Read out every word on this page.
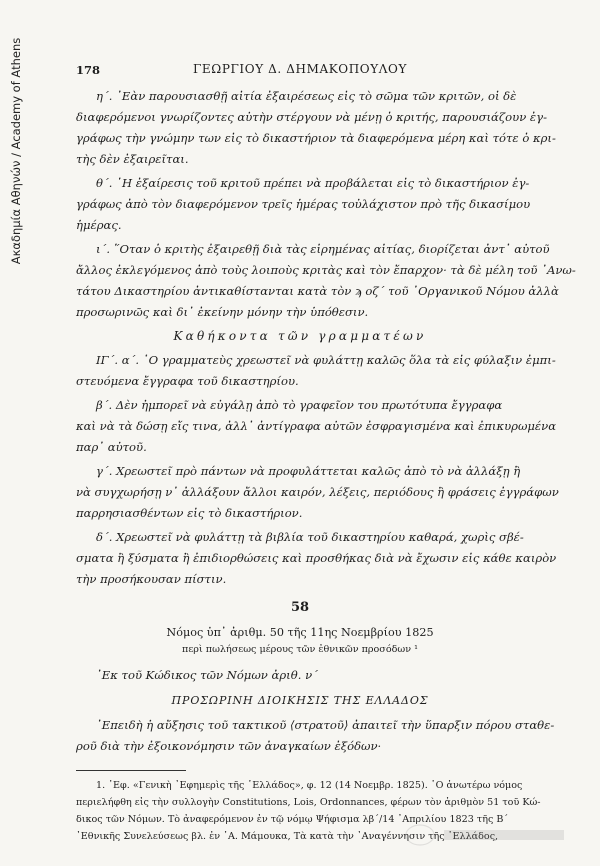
Ακαδημία Αθηνών / Academy of Athens	178	ΓΕΩΡΓΙΟΥ Δ. ΔΗΜΑΚΟΠΟΥΛΟΥ
η΄. ᾿Εὰν παρουσιασθῇ αἰτία ἐξαιρέσεως εἰς τὸ σῶμα τῶν κριτῶν, οἱ δὲ
διαφερόμενοι γνωρίζοντες αὐτὴν στέργουν νὰ μένῃ ὁ κριτής, παρουσιάζουν ἐγ-
γράφως τὴν γνώμην των εἰς τὸ δικαστήριον τὰ διαφερόμενα μέρη καὶ τότε ὁ κρι-
τὴς δὲν ἐξαιρεῖται.
θ΄. ῾Η ἐξαίρεσις τοῦ κριτοῦ πρέπει νὰ προβάλεται εἰς τὸ δικαστήριον ἐγ-
γράφως ἀπὸ τὸν διαφερόμενον τρεῖς ἡμέρας τοὐλάχιστον πρὸ τῆς δικασίμου
ἡμέρας.
ι΄. ῞Οταν ὁ κριτὴς ἐξαιρεθῇ διὰ τὰς εἰρημένας αἰτίας, διορίζεται ἀντ᾿ αὐτοῦ
ἄλλος ἐκλεγόμενος ἀπὸ τοὺς λοιποὺς κριτὰς καὶ τὸν ἔπαρχον· τὰ δὲ μέλη τοῦ ᾿Ανω-
τάτου Δικαστηρίου ἀντικαθίστανται κατὰ τὸν ϡ οζ΄ τοῦ ᾿Οργανικοῦ Νόμου ἀλλὰ
προσωρινῶς καὶ δι᾿ ἐκείνην μόνην τὴν ὑπόθεσιν.
Καθήκοντα τῶν γραμματέων
ΙΓ΄. α΄. ῾Ο γραμματεὺς χρεωστεῖ νὰ φυλάττῃ καλῶς ὅλα τὰ εἰς φύλαξιν ἐμπι-
στευόμενα ἔγγραφα τοῦ δικαστηρίου.
β΄. Δὲν ἠμπορεῖ νὰ εὐγάλῃ ἀπὸ τὸ γραφεῖον του πρωτότυπα ἔγγραφα
καὶ νὰ τὰ δώσῃ εἴς τινα, ἀλλ᾿ ἀντίγραφα αὐτῶν ἐσφραγισμένα καὶ ἐπικυρωμένα
παρ᾿ αὐτοῦ.
γ΄. Χρεωστεῖ πρὸ πάντων νὰ προφυλάττεται καλῶς ἀπὸ τὸ νὰ ἀλλάξῃ ἢ
νὰ συγχωρήσῃ ν᾿ ἀλλάξουν ἄλλοι καιρόν, λέξεις, περιόδους ἢ φράσεις ἐγγράφων
παρρησιασθέντων εἰς τὸ δικαστήριον.
δ΄. Χρεωστεῖ νὰ φυλάττῃ τὰ βιβλία τοῦ δικαστηρίου καθαρά, χωρὶς σβέ-
σματα ἢ ξύσματα ἢ ἐπιδιορθώσεις καὶ προσθήκας διὰ νὰ ἔχωσιν εἰς κάθε καιρὸν
τὴν προσήκουσαν πίστιν.
58
Νόμος ὑπ᾿ ἀριθμ. 50 τῆς 11ης Νοεμβρίου 1825
περὶ πωλήσεως μέρους τῶν ἐθνικῶν προσόδων ¹
᾿Εκ τοῦ Κώδικος τῶν Νόμων ἀριθ. ν΄
ΠΡΟΣΩΡΙΝΗ ΔΙΟΙΚΗΣΙΣ ΤΗΣ ΕΛΛΑΔΟΣ
᾿Επειδὴ ἡ αὔξησις τοῦ τακτικοῦ ⟨στρατοῦ⟩ ἀπαιτεῖ τὴν ὕπαρξιν πόρου σταθε-
ροῦ διὰ τὴν ἐξοικονόμησιν τῶν ἀναγκαίων ἐξόδων·
1. ᾿Εφ. «Γενικὴ ᾿Εφημερὶς τῆς ῾Ελλάδος», φ. 12 (14 Νοεμβρ. 1825). ῾Ο ἀνωτέρω νόμος
περιελήφθη εἰς τὴν συλλογὴν Constitutions, Lois, Ordonnances, φέρων τὸν ἀριθμὸν 51 τοῦ Κώ-
δικος τῶν Νόμων. Τὸ ἀναφερόμενον ἐν τῷ νόμῳ Ψήφισμα λβ΄/14 ᾿Απριλίου 1823 τῆς Β΄
᾿Εθνικῆς Συνελεύσεως βλ. ἐν ᾿Α. Μάμουκα, Τὰ κατὰ τὴν ᾿Αναγέννησιν τῆς ῾Ελλάδος,
